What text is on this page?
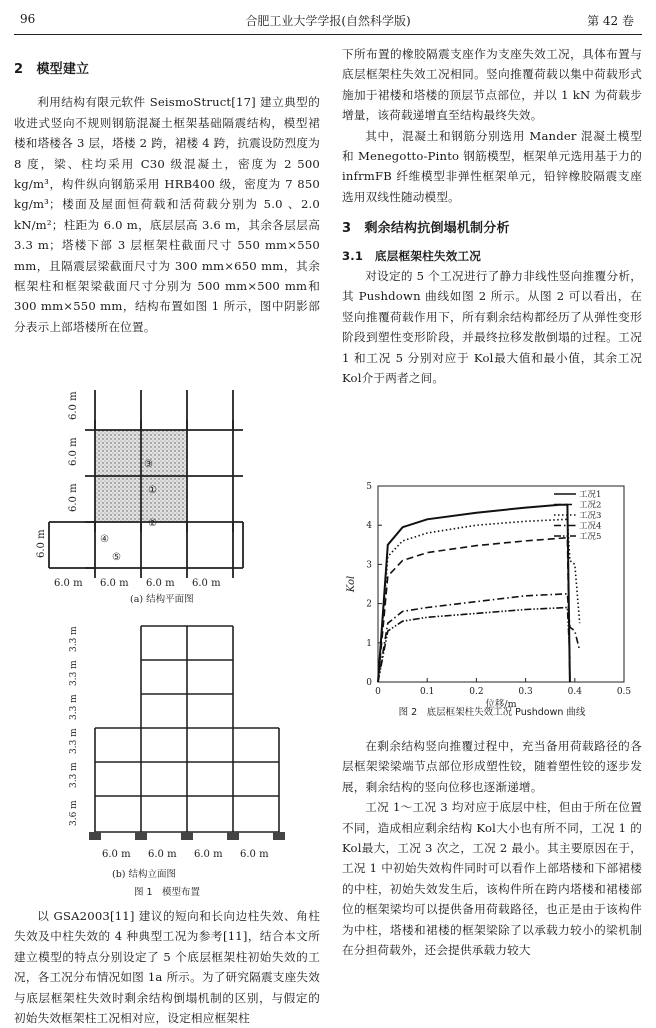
96	合肥工业大学学报(自然科学版)	第 42 卷

2　模型建立

利用结构有限元软件 SeismoStruct[17] 建立典型的收进式竖向不规则钢筋混凝土框架基础隔震结构，模型裙楼和塔楼各 3 层，塔楼 2 跨，裙楼 4 跨，抗震设防烈度为 8 度，梁、柱均采用 C30 级混凝土，密度为 2 500 kg/m³，构件纵向钢筋采用 HRB400 级，密度为 7 850 kg/m³；楼面及屋面恒荷载和活荷载分别为 5.0 、2.0 kN/m²；柱距为 6.0 m，底层层高 3.6 m，其余各层层高 3.3 m；塔楼下部 3 层框架柱截面尺寸 550 mm×550 mm，且隔震层梁截面尺寸为 300 mm×650 mm，其余框架柱和框架梁截面尺寸分别为 500 mm×500 mm和 300 mm×550 mm，结构布置如图 1 所示，图中阴影部分表示上部塔楼所在位置。

6.0 m
6.0 m
6.0 m
6.0 m
①
②
③
④
⑤
6.0 m 6.0 m 6.0 m 6.0 m
(a) 结构平面图
3.3 m
3.3 m
3.3 m
3.3 m
3.3 m
3.6 m
6.0 m 6.0 m 6.0 m 6.0 m
(b) 结构立面图
图 1　模型布置

以 GSA2003[11] 建议的短向和长向边柱失效、角柱失效及中柱失效的 4 种典型工况为参考[11]，结合本文所建立模型的特点分别设定了 5 个底层框架柱初始失效的工况，各工况分布情况如图 1a 所示。为了研究隔震支座失效与底层框架柱失效时剩余结构倒塌机制的区别，与假定的初始失效框架柱工况相对应，设定相应框架柱

下所布置的橡胶隔震支座作为支座失效工况，具体布置与底层框架柱失效工况相同。竖向推覆荷载以集中荷载形式施加于裙楼和塔楼的顶层节点部位，并以 1 kN 为荷载步增量，该荷载递增直至结构最终失效。

其中，混凝土和钢筋分别选用 Mander 混凝土模型和 Menegotto-Pinto 钢筋模型，框架单元选用基于力的 infrmFB 纤维模型非弹性框架单元，铅锌橡胶隔震支座选用双线性随动模型。

3　剩余结构抗倒塌机制分析

3.1　底层框架柱失效工况

对设定的 5 个工况进行了静力非线性竖向推覆分析，其 Pushdown 曲线如图 2 所示。从图 2 可以看出，在竖向推覆荷载作用下，所有剩余结构都经历了从弹性变形阶段到塑性变形阶段，并最终拉移发散倒塌的过程。工况 1 和工况 5 分别对应于 Kol最大值和最小值，其余工况 Kol介于两者之间。

0	0.1	0.2	0.3	0.4	0.5
0
1
2
3
4
5
位移/m
Kol
工况1
工况2
工况3
工况4
工况5
图 2　底层框架柱失效工况 Pushdown 曲线

在剩余结构竖向推覆过程中，充当备用荷载路径的各层框架梁梁端节点部位形成塑性铰，随着塑性铰的逐步发展，剩余结构的竖向位移也逐渐递增。

工况 1～工况 3 均对应于底层中柱，但由于所在位置不同，造成相应剩余结构 Kol大小也有所不同，工况 1 的 Kol最大，工况 3 次之，工况 2 最小。其主要原因在于，工况 1 中初始失效构件同时可以看作上部塔楼和下部裙楼的中柱，初始失效发生后，该构件所在跨内塔楼和裙楼部位的框架梁均可以提供备用荷载路径，也正是由于该构件为中柱，塔楼和裙楼的框架梁除了以承载力较小的梁机制在分担荷载外，还会提供承载力较大
